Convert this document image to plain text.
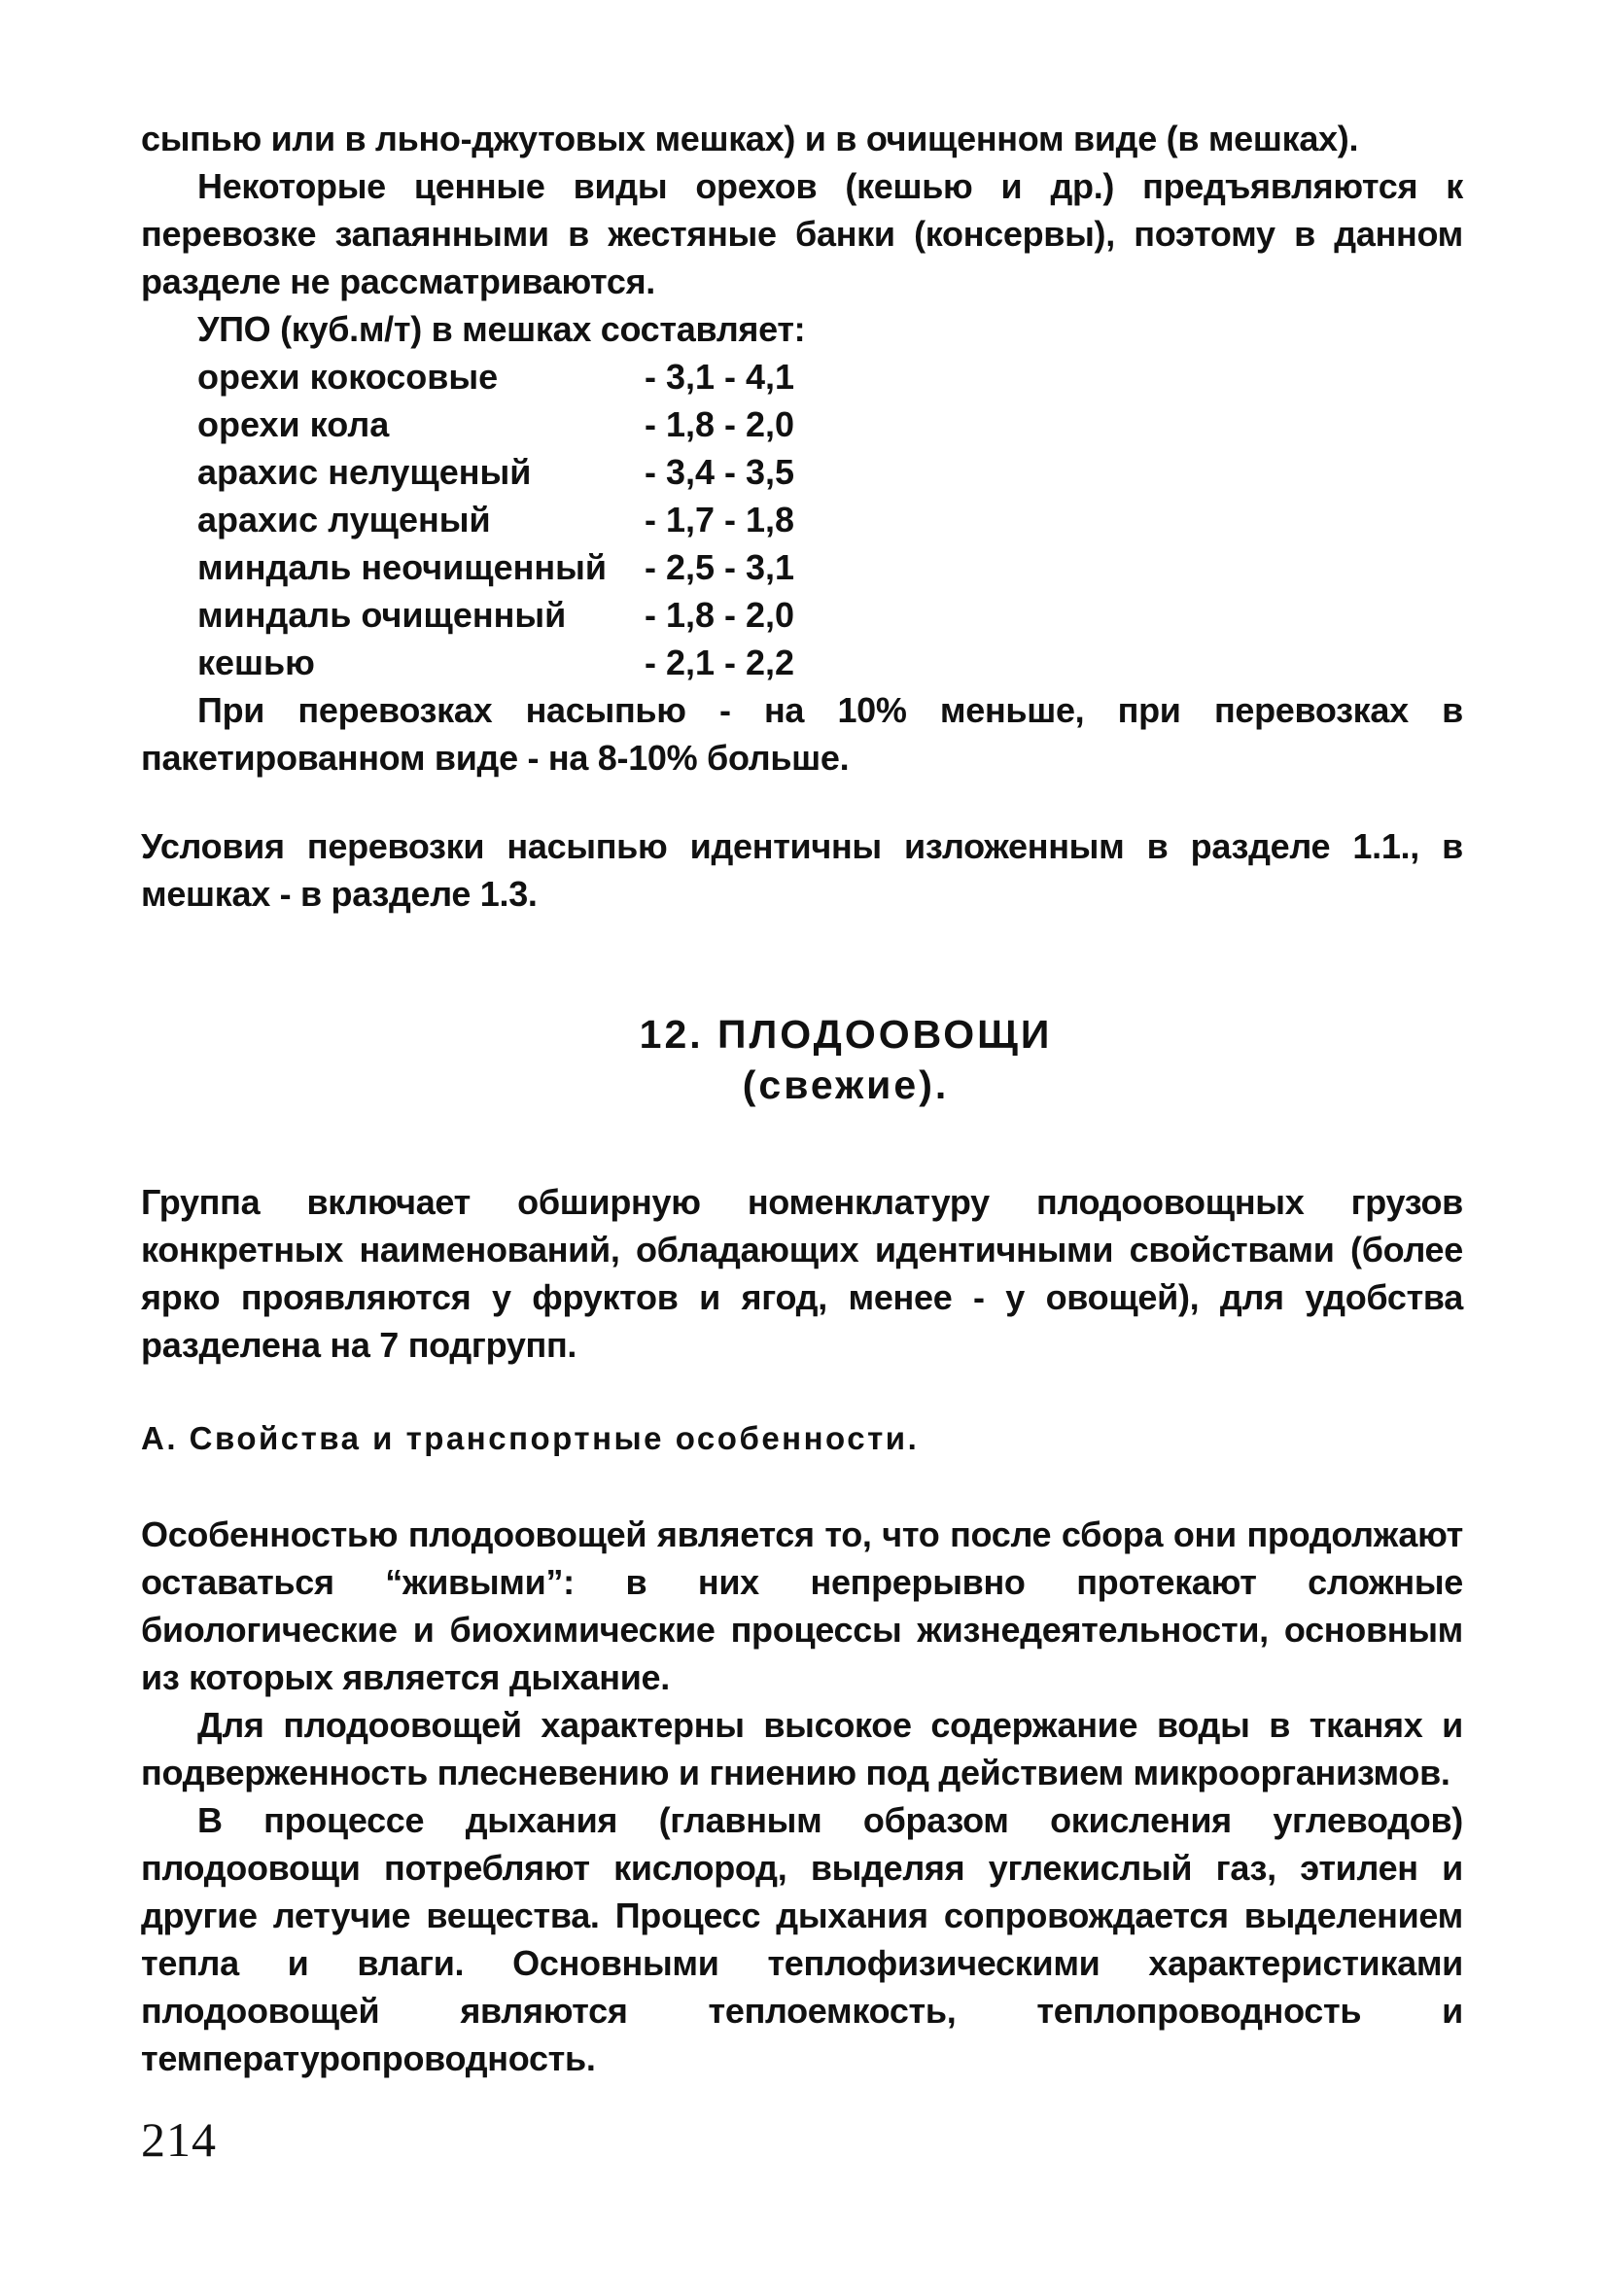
сыпью или в льно-джутовых мешках) и в очищенном виде (в мешках).

Некоторые ценные виды орехов (кешью и др.) предъявляются к перевозке запаянными в жестяные банки (консервы), поэтому в данном разделе не рассматриваются.

УПО (куб.м/т) в мешках составляет:

орехи кокосовые	- 3,1 - 4,1
орехи кола	- 1,8 - 2,0
арахис нелущеный	- 3,4 - 3,5
арахис лущеный	- 1,7 - 1,8
миндаль неочищенный	- 2,5 - 3,1
миндаль очищенный	- 1,8 - 2,0
кешью	- 2,1 - 2,2

При перевозках насыпью - на 10% меньше, при перевозках в пакетированном виде - на 8-10% больше.

Условия перевозки насыпью идентичны изложенным в разделе 1.1., в мешках - в разделе 1.3.

12. ПЛОДООВОЩИ
(свежие).

Группа включает обширную номенклатуру плодоовощных грузов конкретных наименований, обладающих идентичными свойствами (более ярко проявляются у фруктов и ягод, менее - у овощей), для удобства разделена на 7 подгрупп.

А. Свойства и транспортные особенности.

Особенностью плодоовощей является то, что после сбора они продолжают оставаться “живыми”: в них непрерывно протекают сложные биологические и биохимические процессы жизнедеятельности, основным из которых является дыхание.

Для плодоовощей характерны высокое содержание воды в тканях и подверженность плесневению и гниению под действием микроорганизмов.

В процессе дыхания (главным образом окисления углеводов) плодоовощи потребляют кислород, выделяя углекислый газ, этилен и другие летучие вещества. Процесс дыхания сопровождается выделением тепла и влаги. Основными теплофизическими характеристиками плодоовощей являются теплоемкость, теплопроводность и температуропроводность.

214
